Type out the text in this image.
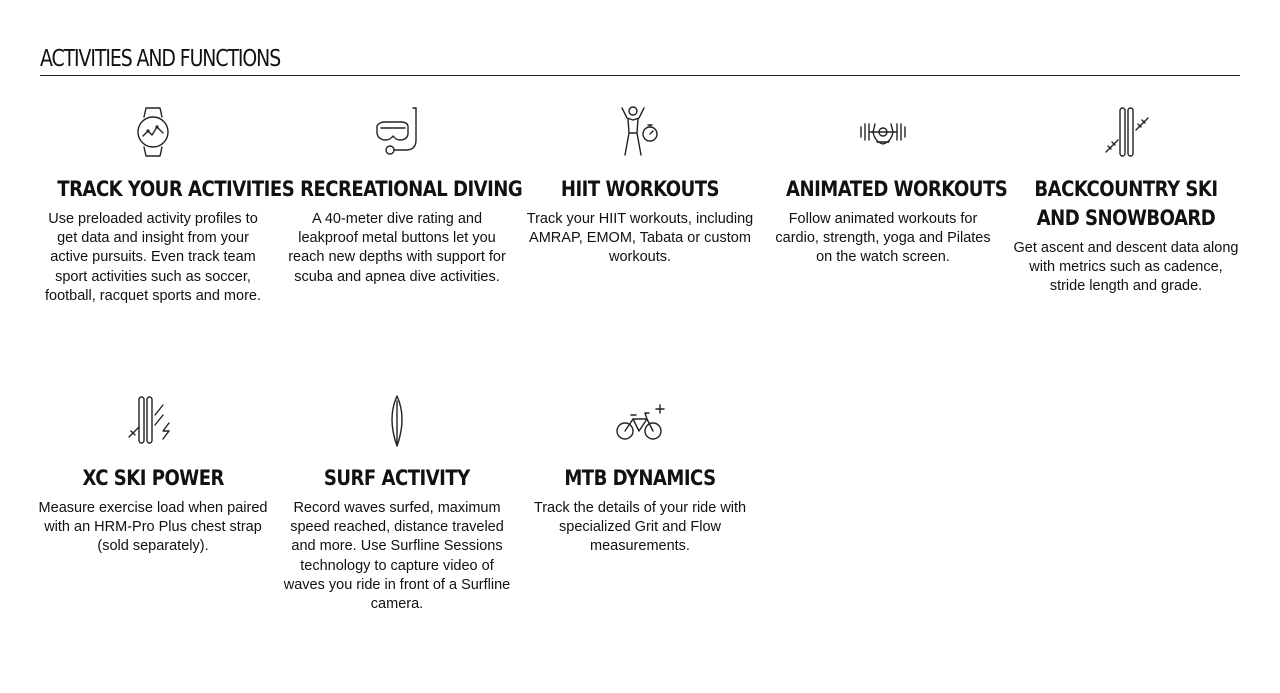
ACTIVITIES AND FUNCTIONS
TRACK YOUR ACTIVITIES

Use preloaded activity profiles to get data and insight from your active pursuits. Even track team sport activities such as soccer, football, racquet sports and more.

RECREATIONAL DIVING

A 40-meter dive rating and leakproof metal buttons let you reach new depths with support for scuba and apnea dive activities.

HIIT WORKOUTS

Track your HIIT workouts, including AMRAP, EMOM, Tabata or custom workouts.

ANIMATED WORKOUTS

Follow animated workouts for cardio, strength, yoga and Pilates on the watch screen.

BACKCOUNTRY SKI AND SNOWBOARD

Get ascent and descent data along with metrics such as cadence, stride length and grade.

XC SKI POWER

Measure exercise load when paired with an HRM-Pro Plus chest strap (sold separately).

SURF ACTIVITY

Record waves surfed, maximum speed reached, distance traveled and more. Use Surfline Sessions technology to capture video of waves you ride in front of a Surfline camera.

MTB DYNAMICS

Track the details of your ride with specialized Grit and Flow measurements.
